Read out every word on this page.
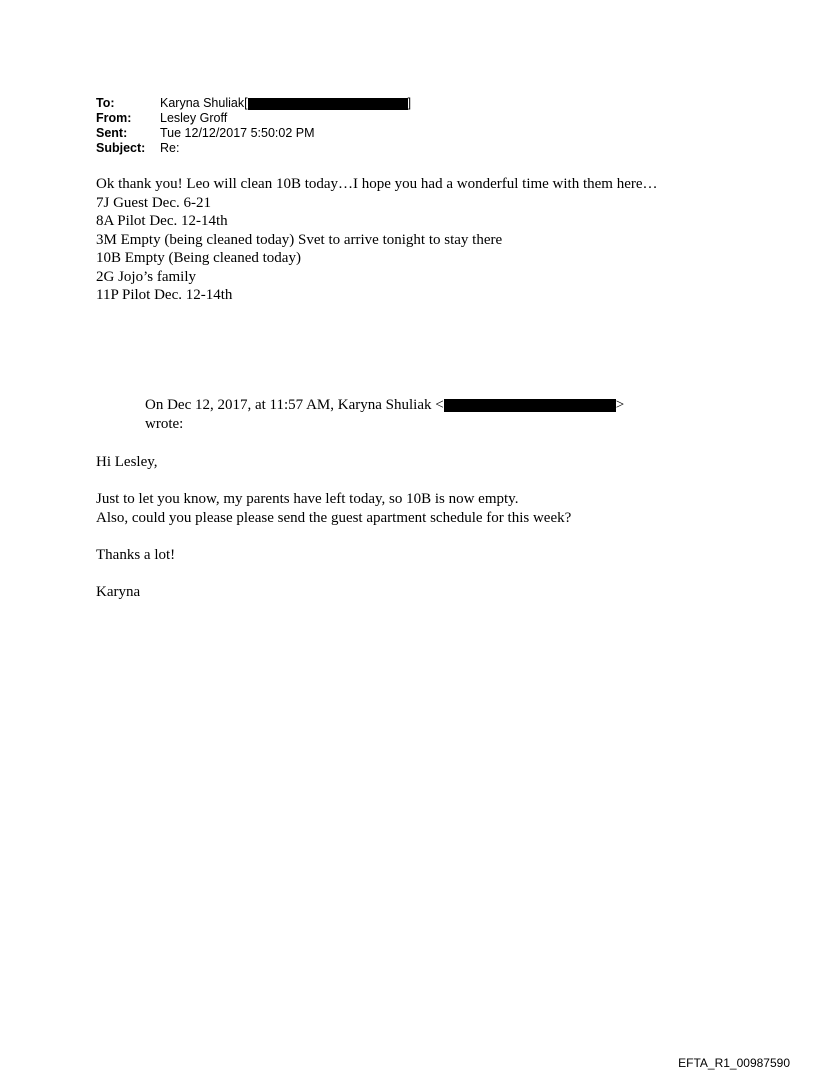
To:	Karyna Shuliak[	]
From:	Lesley Groff
Sent:	Tue 12/12/2017 5:50:02 PM
Subject:	Re:

Ok thank you! Leo will clean 10B today…I hope you had a wonderful time with them here…

7J Guest Dec. 6-21

8A Pilot Dec. 12-14th

3M Empty (being cleaned today) Svet to arrive tonight to stay there

10B Empty (Being cleaned today)

2G Jojo’s family

11P Pilot Dec. 12-14th

On Dec 12, 2017, at 11:57 AM, Karyna Shuliak <	>

wrote:

Hi Lesley,

Just to let you know, my parents have left today, so 10B is now empty.

Also, could you please please send the guest apartment schedule for this week?

Thanks a lot!

Karyna

EFTA_R1_00987590
